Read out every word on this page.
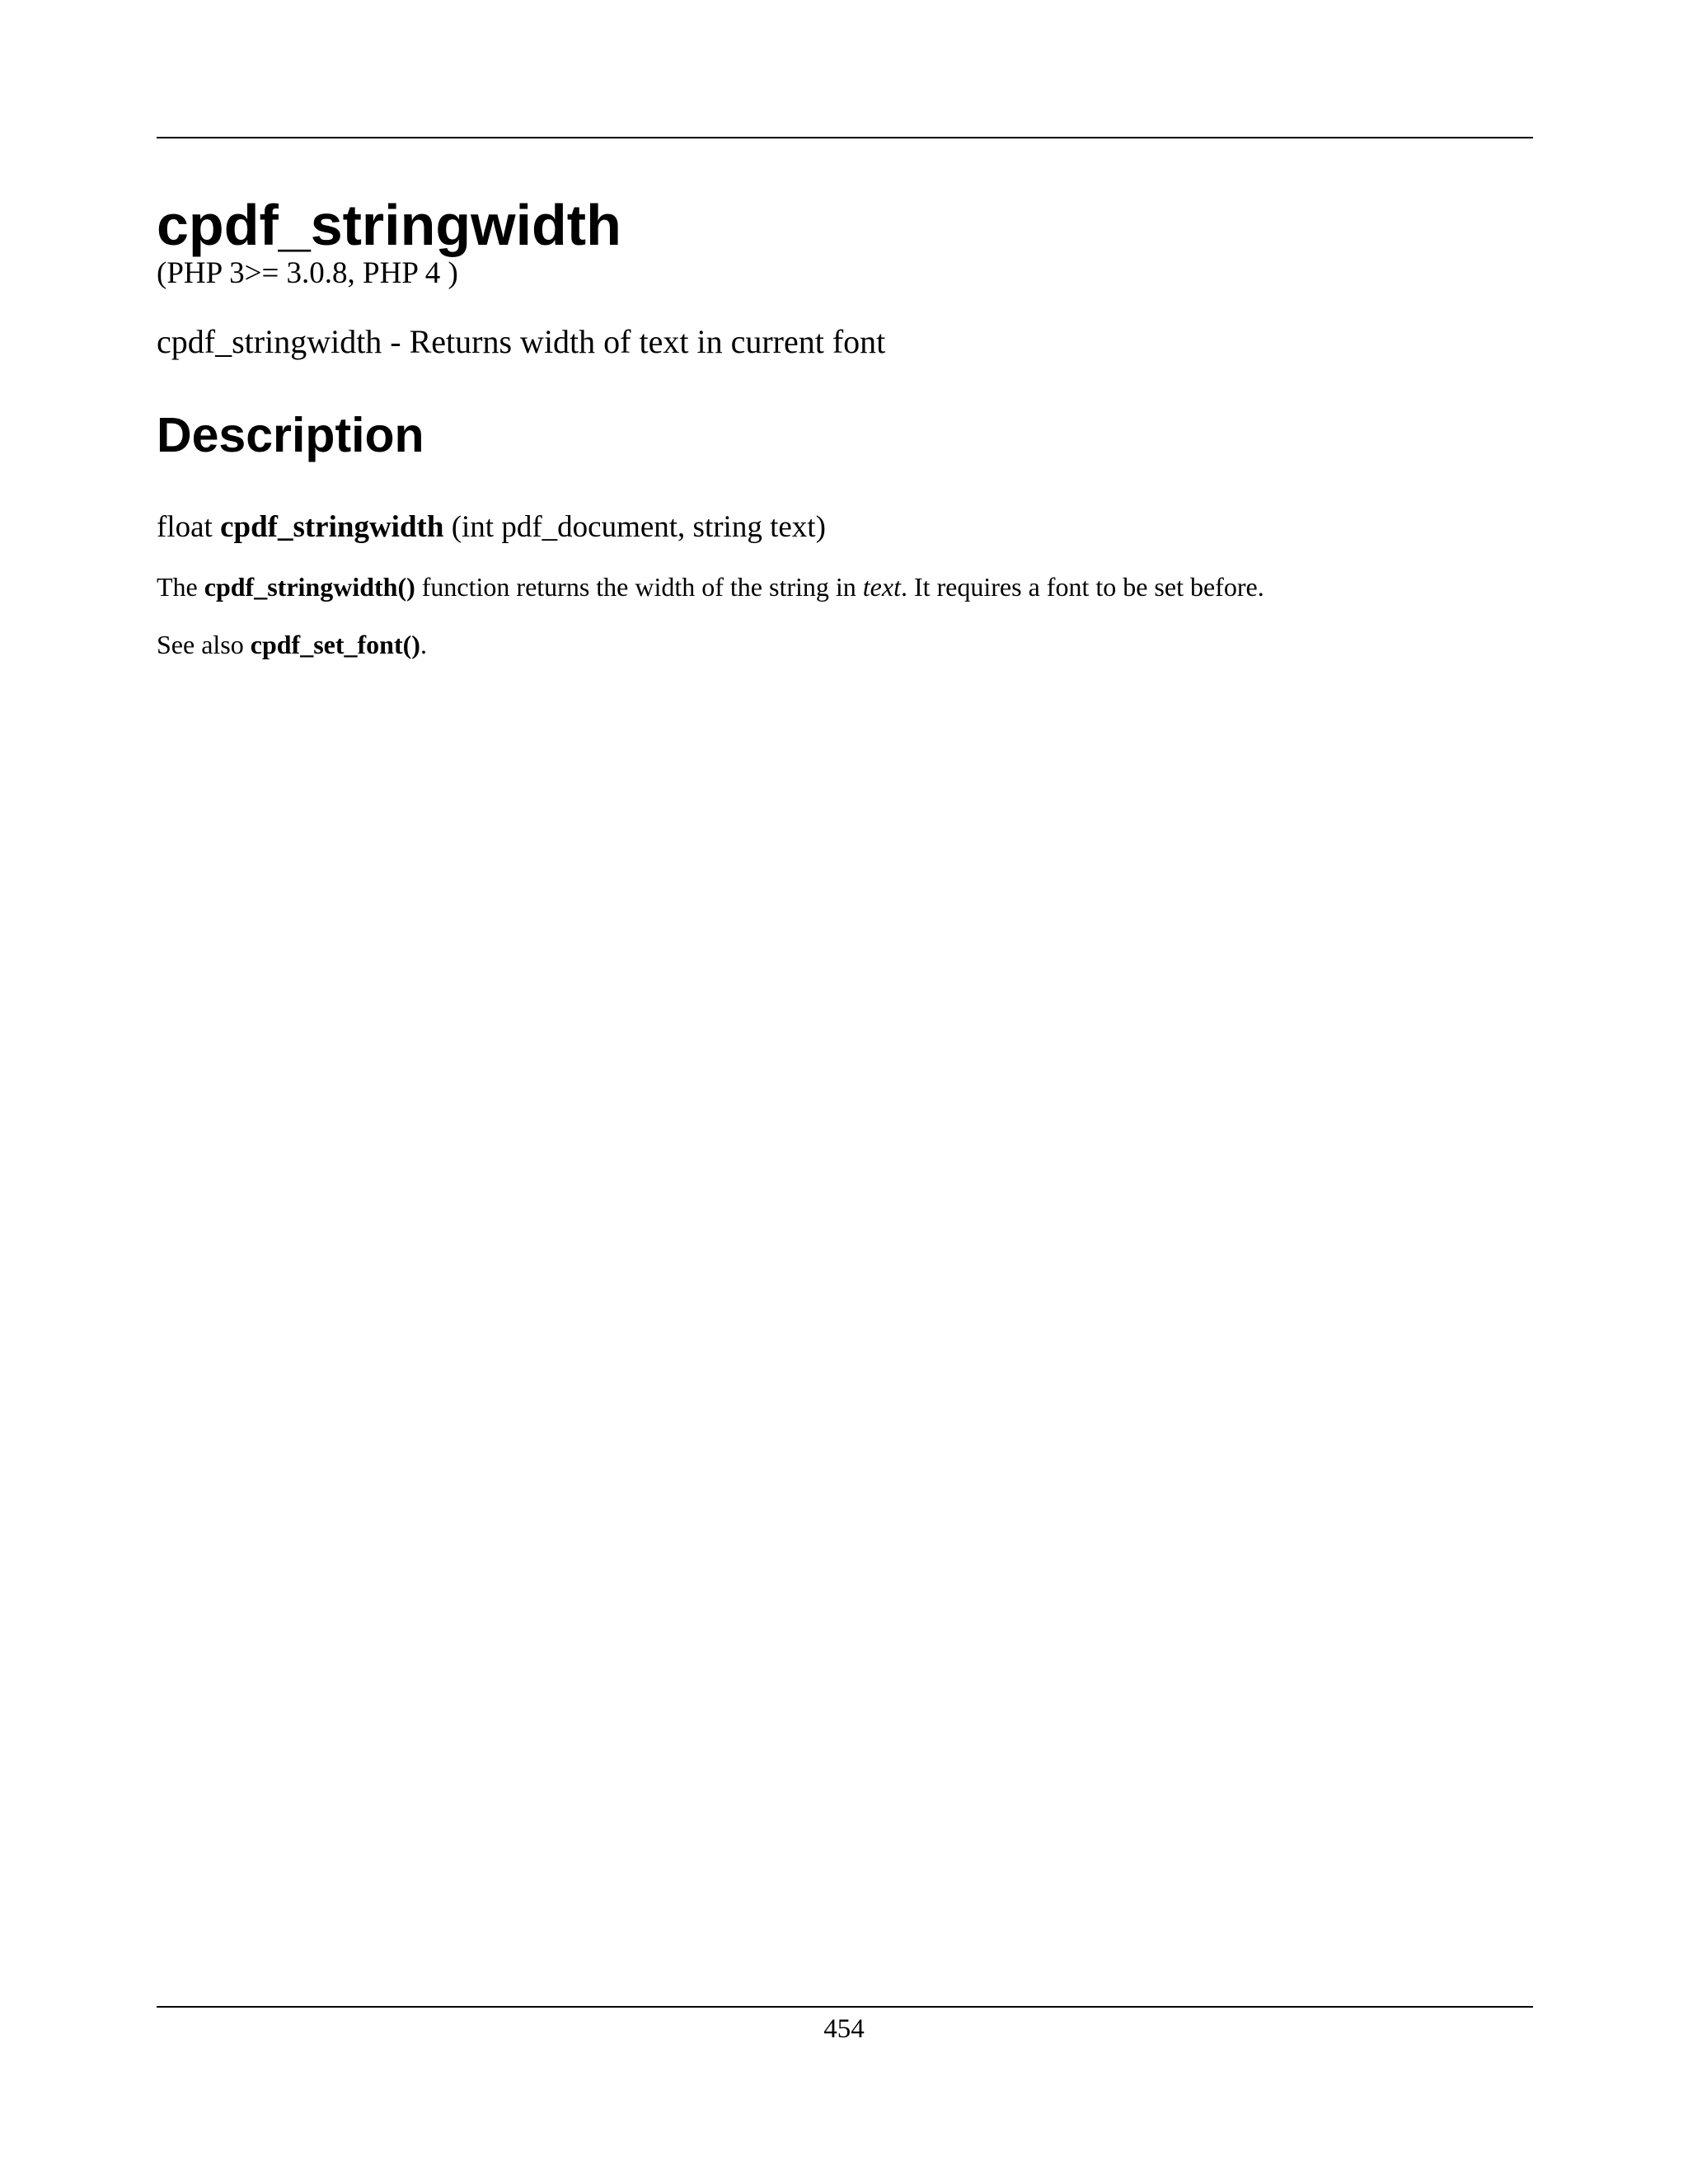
cpdf_stringwidth
(PHP 3>= 3.0.8, PHP 4 )
cpdf_stringwidth - Returns width of text in current font
Description
float cpdf_stringwidth (int pdf_document, string text)
The cpdf_stringwidth() function returns the width of the string in text. It requires a font to be set before.
See also cpdf_set_font().
454
